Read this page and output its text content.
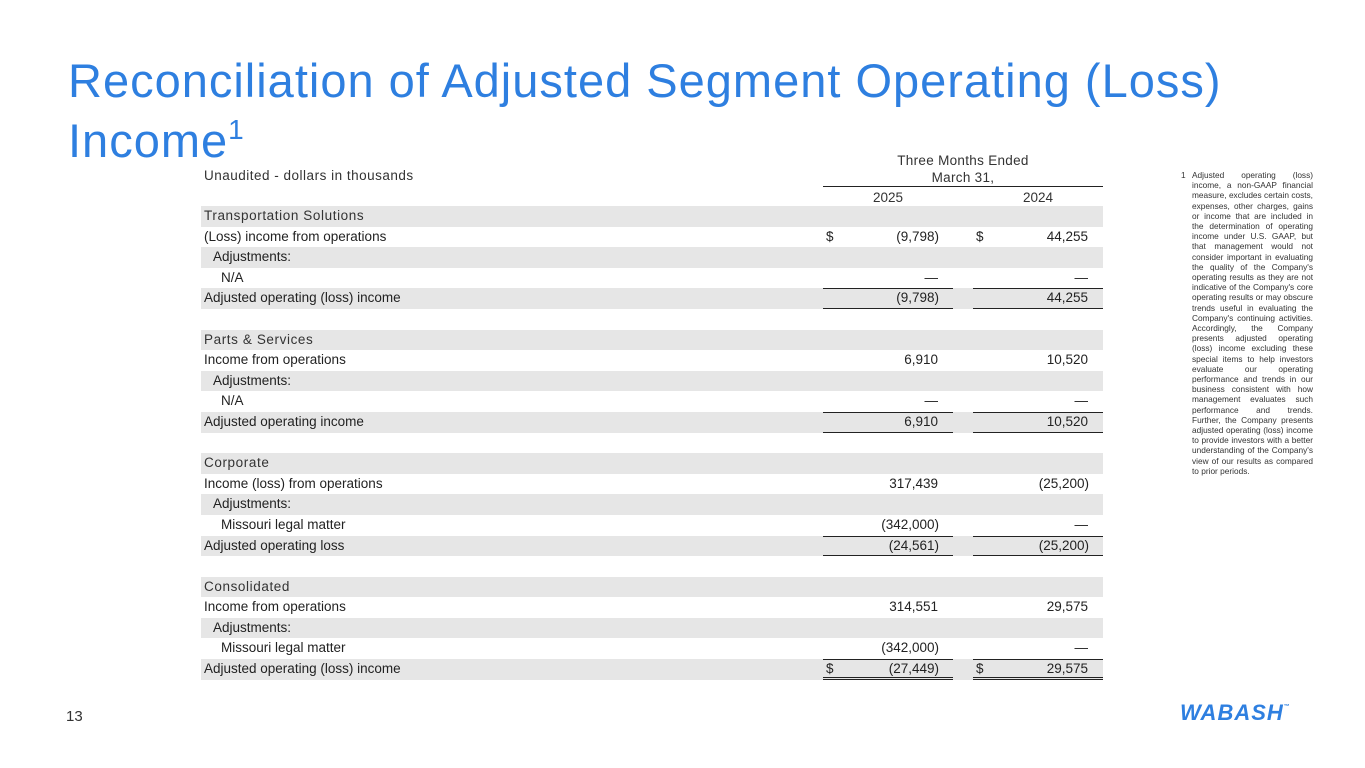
Reconciliation of Adjusted Segment Operating (Loss) Income$^1$
Unaudited - dollars in thousands
Three Months Ended
March 31,
2025	2024
Transportation Solutions
(Loss) income from operations	$	(9,798)	$	44,255
Adjustments:
N/A	—	—
Adjusted operating (loss) income	(9,798)	44,255
Parts & Services
Income from operations	6,910	10,520
Adjustments:
N/A	—	—
Adjusted operating income	6,910	10,520
Corporate
Income (loss) from operations	317,439	(25,200)
Adjustments:
Missouri legal matter	(342,000)	—
Adjusted operating loss	(24,561)	(25,200)
Consolidated
Income from operations	314,551	29,575
Adjustments:
Missouri legal matter	(342,000)	—
Adjusted operating (loss) income	$	(27,449)	$	29,575
1 Adjusted operating (loss) income, a non-GAAP financial measure, excludes certain costs, expenses, other charges, gains or income that are included in the determination of operating income under U.S. GAAP, but that management would not consider important in evaluating the quality of the Company's operating results as they are not indicative of the Company's core operating results or may obscure trends useful in evaluating the Company's continuing activities. Accordingly, the Company presents adjusted operating (loss) income excluding these special items to help investors evaluate our operating performance and trends in our business consistent with how management evaluates such performance and trends. Further, the Company presents adjusted operating (loss) income to provide investors with a better understanding of the Company's view of our results as compared to prior periods.
13	WABASH™
